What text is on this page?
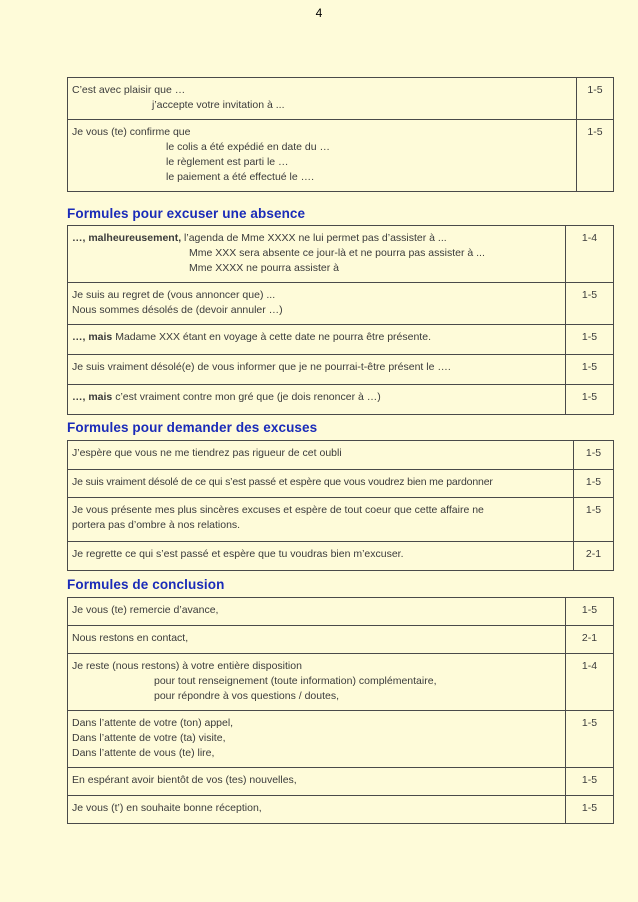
4
C’est avec plaisir que …
j’accepte votre invitation à ...	1-5

Je vous (te) confirme que
le colis a été expédié en date du …
le règlement est parti le …
le paiement a été effectué le ….	1-5
Formules pour excuser une absence
…, malheureusement, l’agenda de Mme XXXX ne lui permet pas d’assister à ...
Mme XXX sera absente ce jour-là et ne pourra pas assister à ...
Mme XXXX ne pourra assister à	1-4

Je suis au regret de (vous annoncer que) ...
Nous sommes désolés de (devoir annuler …)	1-5

…, mais Madame XXX étant en voyage à cette date ne pourra être présente.	1-5

Je suis vraiment désolé(e) de vous informer que je ne pourrai-t-être présent le ….	1-5

…, mais c’est vraiment contre mon gré que (je dois renoncer à …)	1-5
Formules pour demander des excuses
J’espère que vous ne me tiendrez pas rigueur de cet oubli	1-5

Je suis vraiment désolé de ce qui s’est passé et espère que vous voudrez bien me pardonner	1-5

Je vous présente mes plus sincères excuses et espère de tout coeur que cette affaire ne
portera pas d’ombre à nos relations.	1-5

Je regrette ce qui s’est passé et espère que tu voudras bien m’excuser.	2-1
Formules de conclusion
Je vous (te) remercie d’avance,	1-5

Nous restons en contact,	2-1

Je reste (nous restons) à votre entière disposition
pour tout renseignement (toute information) complémentaire,
pour répondre à vos questions / doutes,	1-4

Dans l’attente de votre (ton) appel,
Dans l’attente de votre (ta) visite,
Dans l’attente de vous (te) lire,	1-5

En espérant avoir bientôt de vos (tes) nouvelles,	1-5

Je vous (t’) en souhaite bonne réception,	1-5
